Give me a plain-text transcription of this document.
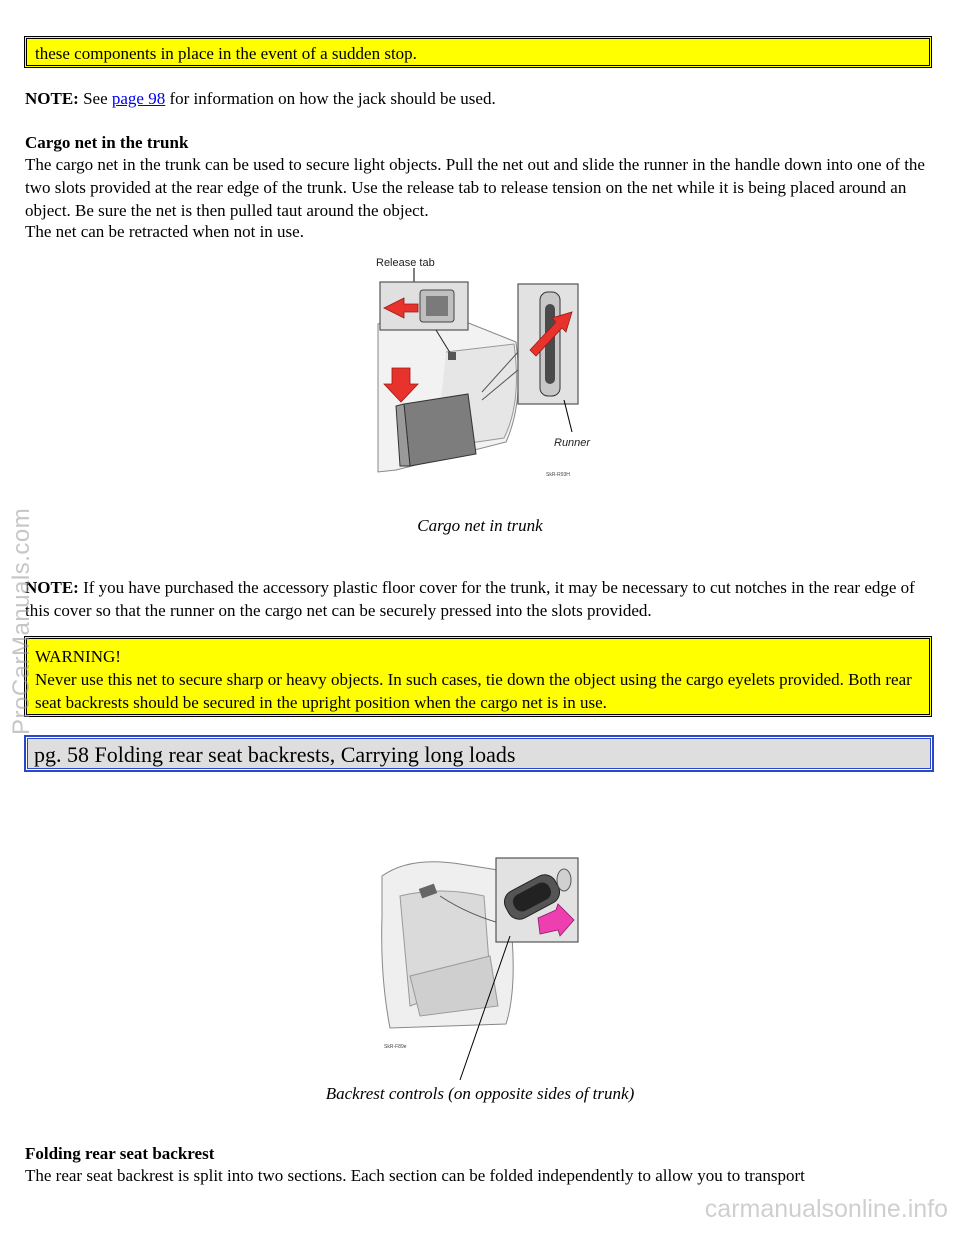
these components in place in the event of a sudden stop.

NOTE: See page 98 for information on how the jack should be used.

Cargo net in the trunk

The cargo net in the trunk can be used to secure light objects. Pull the net out and slide the runner in the handle down into one of the two slots provided at the rear edge of the trunk. Use the release tab to release tension on the net while it is being placed around an object. Be sure the net is then pulled taut around the object.

The net can be retracted when not in use.

Release tab
Runner
SkR-R93H
Cargo net in trunk

NOTE: If you have purchased the accessory plastic floor cover for the trunk, it may be necessary to cut notches in the rear edge of this cover so that the runner on the cargo net can be securely pressed into the slots provided.

WARNING!
Never use this net to secure sharp or heavy objects. In such cases, tie down the object using the cargo eyelets provided. Both rear seat backrests should be secured in the upright position when the cargo net is in use.
pg. 58 Folding rear seat backrests, Carrying long loads
SkR-F89e
Backrest controls (on opposite sides of trunk)

Folding rear seat backrest

The rear seat backrest is split into two sections. Each section can be folded independently to allow you to transport

ProCarManuals.com
carmanualsonline.info
